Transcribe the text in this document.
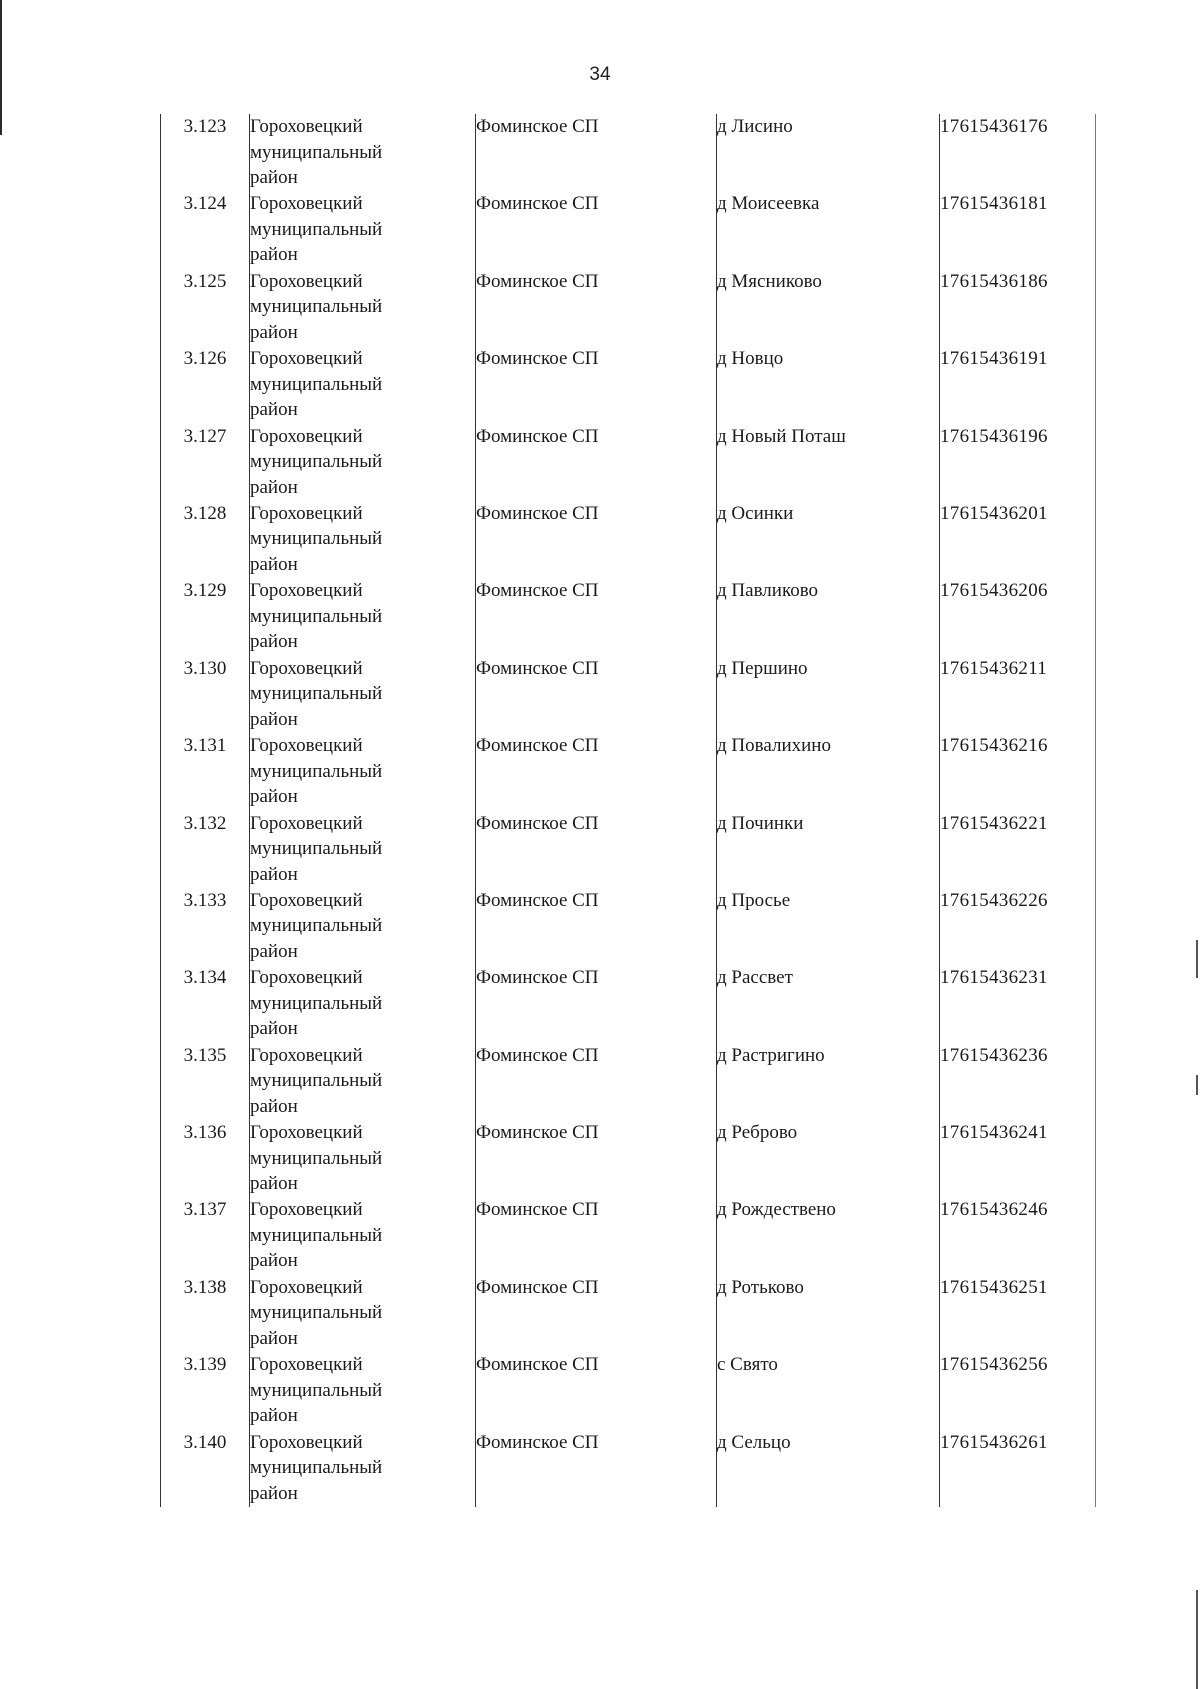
34
3.123	Гороховецкий
муниципальный
район	Фоминское СП	д Лисино	17615436176
3.124	Гороховецкий
муниципальный
район	Фоминское СП	д Моисеевка	17615436181
3.125	Гороховецкий
муниципальный
район	Фоминское СП	д Мясниково	17615436186
3.126	Гороховецкий
муниципальный
район	Фоминское СП	д Новцо	17615436191
3.127	Гороховецкий
муниципальный
район	Фоминское СП	д Новый Поташ	17615436196
3.128	Гороховецкий
муниципальный
район	Фоминское СП	д Осинки	17615436201
3.129	Гороховецкий
муниципальный
район	Фоминское СП	д Павликово	17615436206
3.130	Гороховецкий
муниципальный
район	Фоминское СП	д Першино	17615436211
3.131	Гороховецкий
муниципальный
район	Фоминское СП	д Повалихино	17615436216
3.132	Гороховецкий
муниципальный
район	Фоминское СП	д Починки	17615436221
3.133	Гороховецкий
муниципальный
район	Фоминское СП	д Просье	17615436226
3.134	Гороховецкий
муниципальный
район	Фоминское СП	д Рассвет	17615436231
3.135	Гороховецкий
муниципальный
район	Фоминское СП	д Растригино	17615436236
3.136	Гороховецкий
муниципальный
район	Фоминское СП	д Реброво	17615436241
3.137	Гороховецкий
муниципальный
район	Фоминское СП	д Рождествено	17615436246
3.138	Гороховецкий
муниципальный
район	Фоминское СП	д Ротьково	17615436251
3.139	Гороховецкий
муниципальный
район	Фоминское СП	с Свято	17615436256
3.140	Гороховецкий
муниципальный
район	Фоминское СП	д Сельцо	17615436261
